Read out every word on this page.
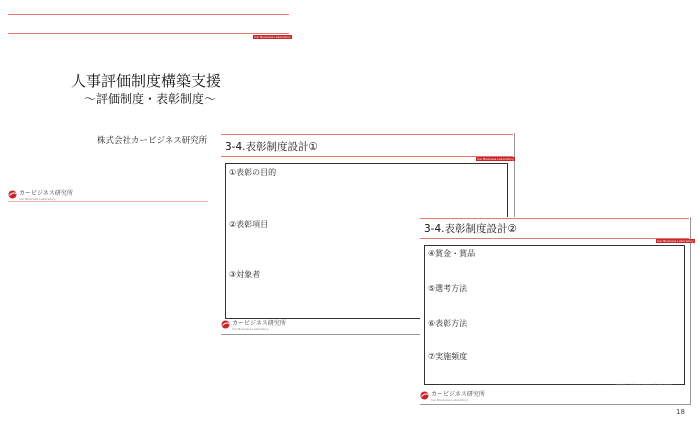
Car Business Laboratory
人事評価制度構築支援
～評価制度・表彰制度～
株式会社カービジネス研究所
カービジネス研究所
Car Business Laboratory
3-4.表彰制度設計①
Car Business Laboratory
①表彰の目的
②表彰項目
③対象者
カービジネス研究所
Car Business Laboratory
3-4.表彰制度設計②
Car Business Laboratory
④賞金・賞品
⑤選考方法
⑥表彰方法
⑦実施頻度
Copyright(C) Car Business Laboratory. All rights reserved.
カービジネス研究所
Car Business Laboratory
18
